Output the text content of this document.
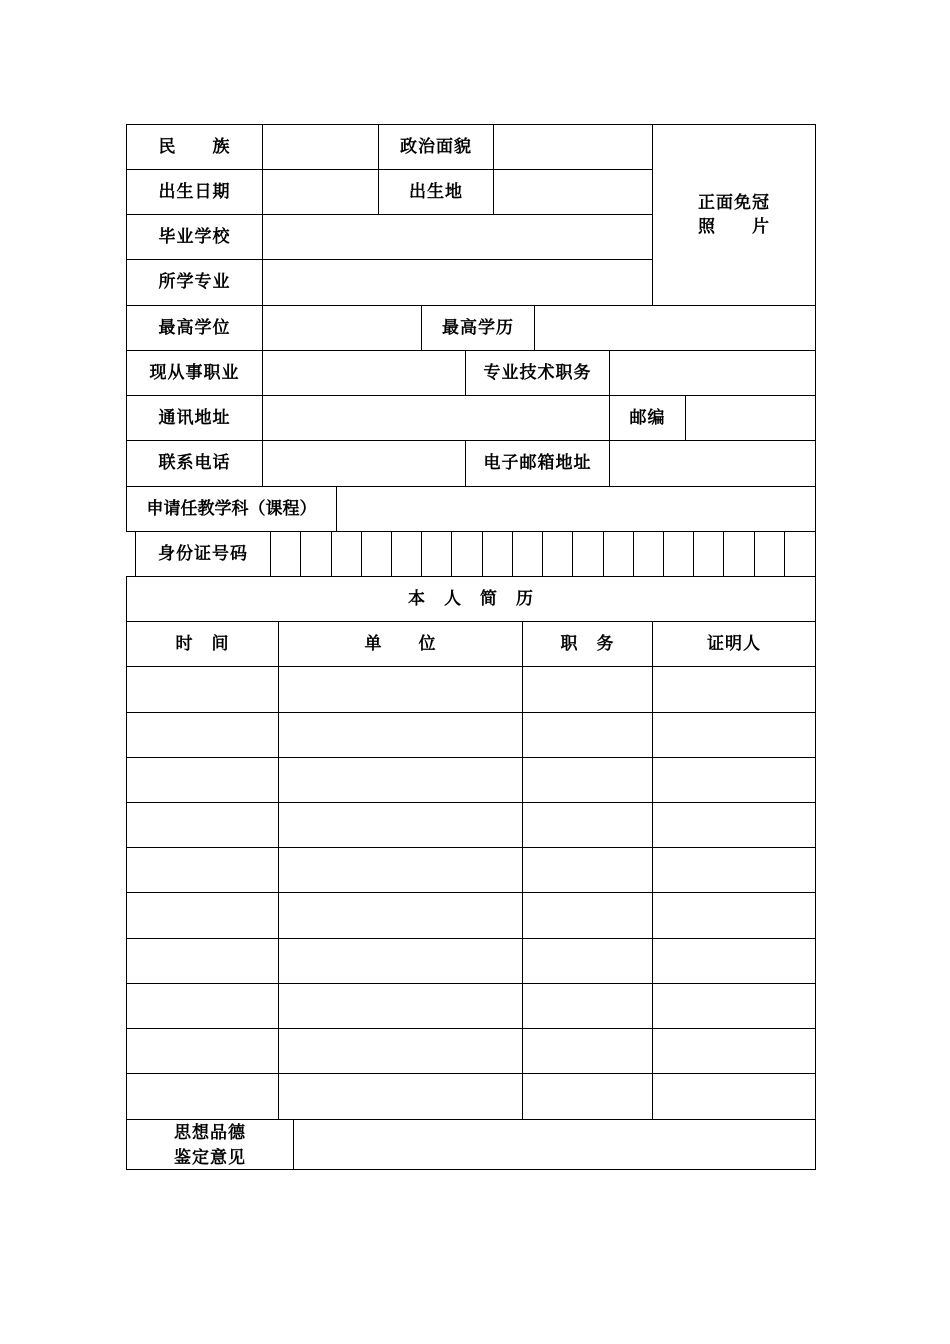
民　　族	政治面貌
出生日期	出生地
正面免冠
照　　片
毕业学校
所学专业
最高学位	最高学历
现从事职业	专业技术职务
通讯地址	邮编
联系电话	电子邮箱地址
申请任教学科（课程）
身份证号码
本　人　简　历
时　间	单　　位	职　务	证明人
思想品德
鉴定意见
